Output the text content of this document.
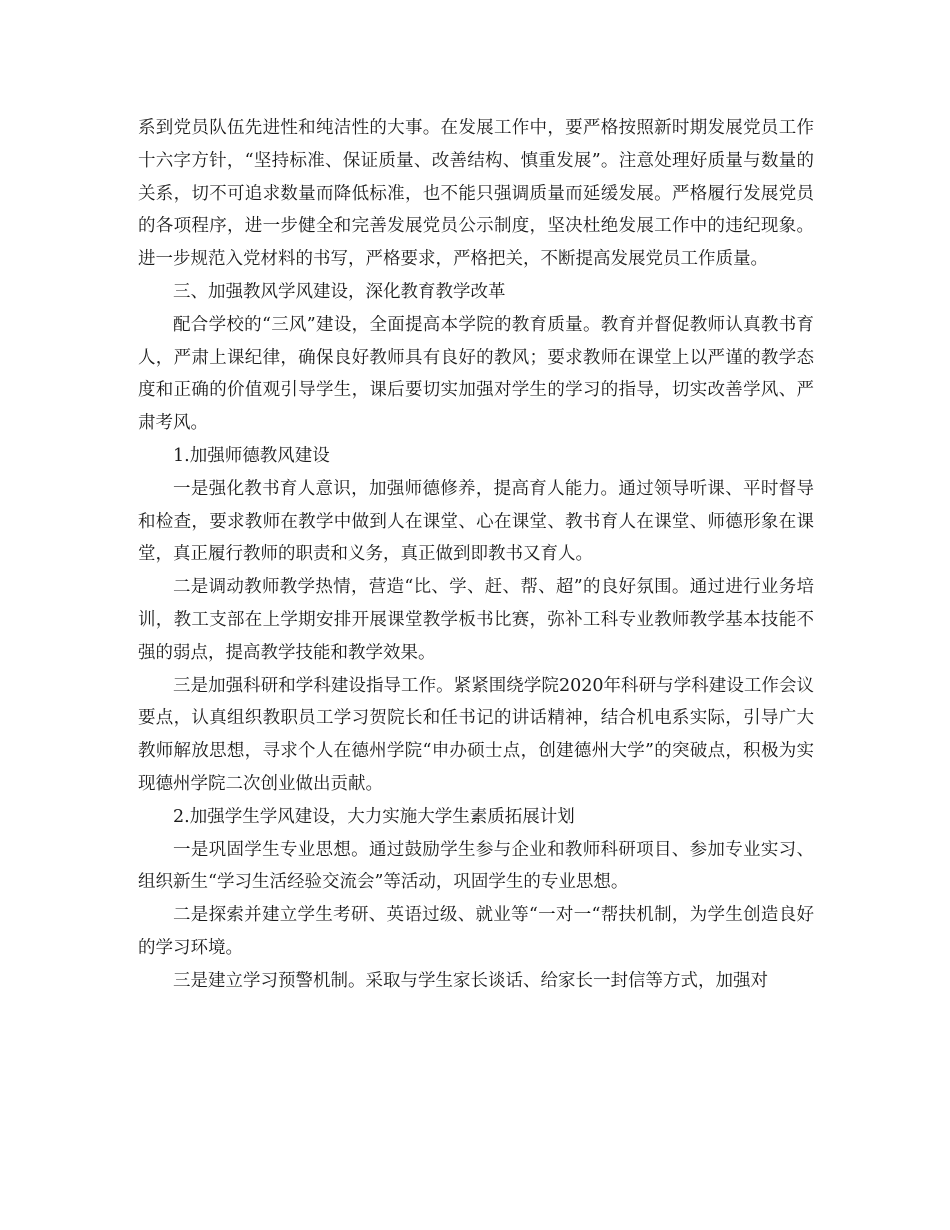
系到党员队伍先进性和纯洁性的大事。在发展工作中，要严格按照新时期发展党员工作十六字方针，“坚持标准、保证质量、改善结构、慎重发展”。注意处理好质量与数量的关系，切不可追求数量而降低标准，也不能只强调质量而延缓发展。严格履行发展党员的各项程序，进一步健全和完善发展党员公示制度，坚决杜绝发展工作中的违纪现象。进一步规范入党材料的书写，严格要求，严格把关，不断提高发展党员工作质量。

三、加强教风学风建设，深化教育教学改革

配合学校的“三风”建设，全面提高本学院的教育质量。教育并督促教师认真教书育人，严肃上课纪律，确保良好教师具有良好的教风；要求教师在课堂上以严谨的教学态度和正确的价值观引导学生，课后要切实加强对学生的学习的指导，切实改善学风、严肃考风。

1.加强师德教风建设

一是强化教书育人意识，加强师德修养，提高育人能力。通过领导听课、平时督导和检查，要求教师在教学中做到人在课堂、心在课堂、教书育人在课堂、师德形象在课堂，真正履行教师的职责和义务，真正做到即教书又育人。

二是调动教师教学热情，营造“比、学、赶、帮、超”的良好氛围。通过进行业务培训，教工支部在上学期安排开展课堂教学板书比赛，弥补工科专业教师教学基本技能不强的弱点，提高教学技能和教学效果。

三是加强科研和学科建设指导工作。紧紧围绕学院2020年科研与学科建设工作会议要点，认真组织教职员工学习贺院长和任书记的讲话精神，结合机电系实际，引导广大教师解放思想，寻求个人在德州学院“申办硕士点，创建德州大学”的突破点，积极为实现德州学院二次创业做出贡献。

2.加强学生学风建设，大力实施大学生素质拓展计划

一是巩固学生专业思想。通过鼓励学生参与企业和教师科研项目、参加专业实习、组织新生“学习生活经验交流会”等活动，巩固学生的专业思想。

二是探索并建立学生考研、英语过级、就业等“一对一“帮扶机制，为学生创造良好的学习环境。

三是建立学习预警机制。采取与学生家长谈话、给家长一封信等方式，加强对
